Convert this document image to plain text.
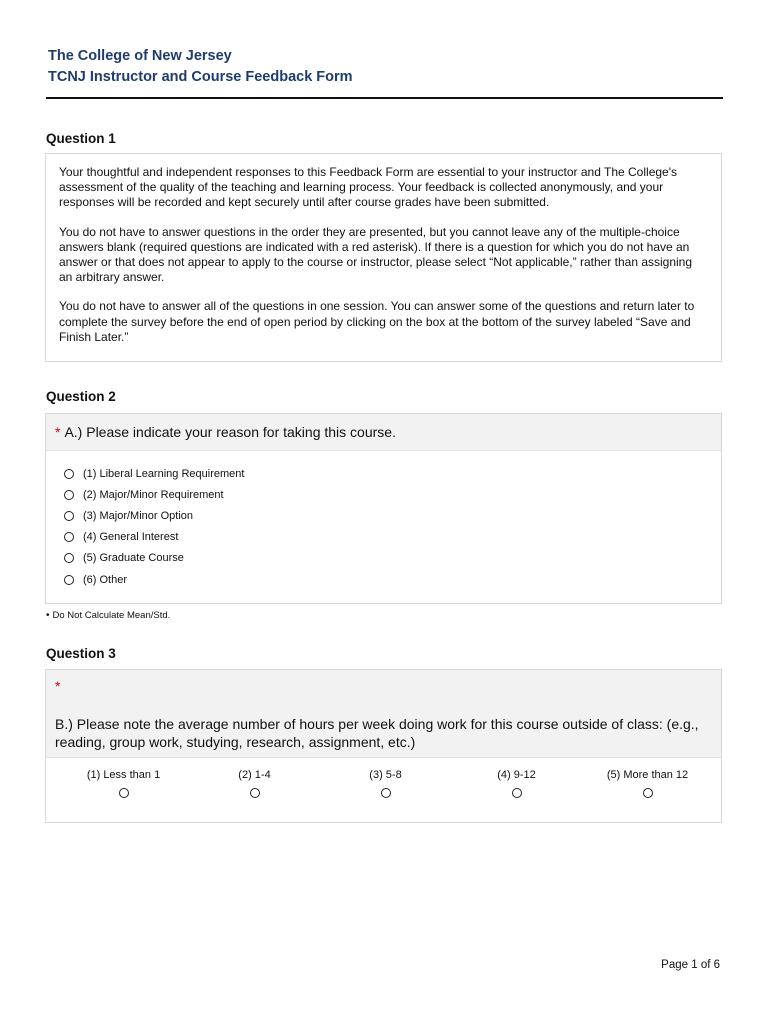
The College of New Jersey
TCNJ Instructor and Course Feedback Form
Question 1

Your thoughtful and independent responses to this Feedback Form are essential to your instructor and The College's assessment of the quality of the teaching and learning process. Your feedback is collected anonymously, and your responses will be recorded and kept securely until after course grades have been submitted.

You do not have to answer questions in the order they are presented, but you cannot leave any of the multiple-choice answers blank (required questions are indicated with a red asterisk). If there is a question for which you do not have an answer or that does not appear to apply to the course or instructor, please select “Not applicable,” rather than assigning an arbitrary answer.

You do not have to answer all of the questions in one session. You can answer some of the questions and return later to complete the survey before the end of open period by clicking on the box at the bottom of the survey labeled “Save and Finish Later.”

Question 2
* A.) Please indicate your reason for taking this course.
(1) Liberal Learning Requirement
(2) Major/Minor Requirement
(3) Major/Minor Option
(4) General Interest
(5) Graduate Course
(6) Other
• Do Not Calculate Mean/Std.
Question 3
*
B.) Please note the average number of hours per week doing work for this course outside of class: (e.g., reading, group work, studying, research, assignment, etc.)
(1) Less than 1	(2) 1-4	(3) 5-8	(4) 9-12	(5) More than 12
Page 1 of 6
